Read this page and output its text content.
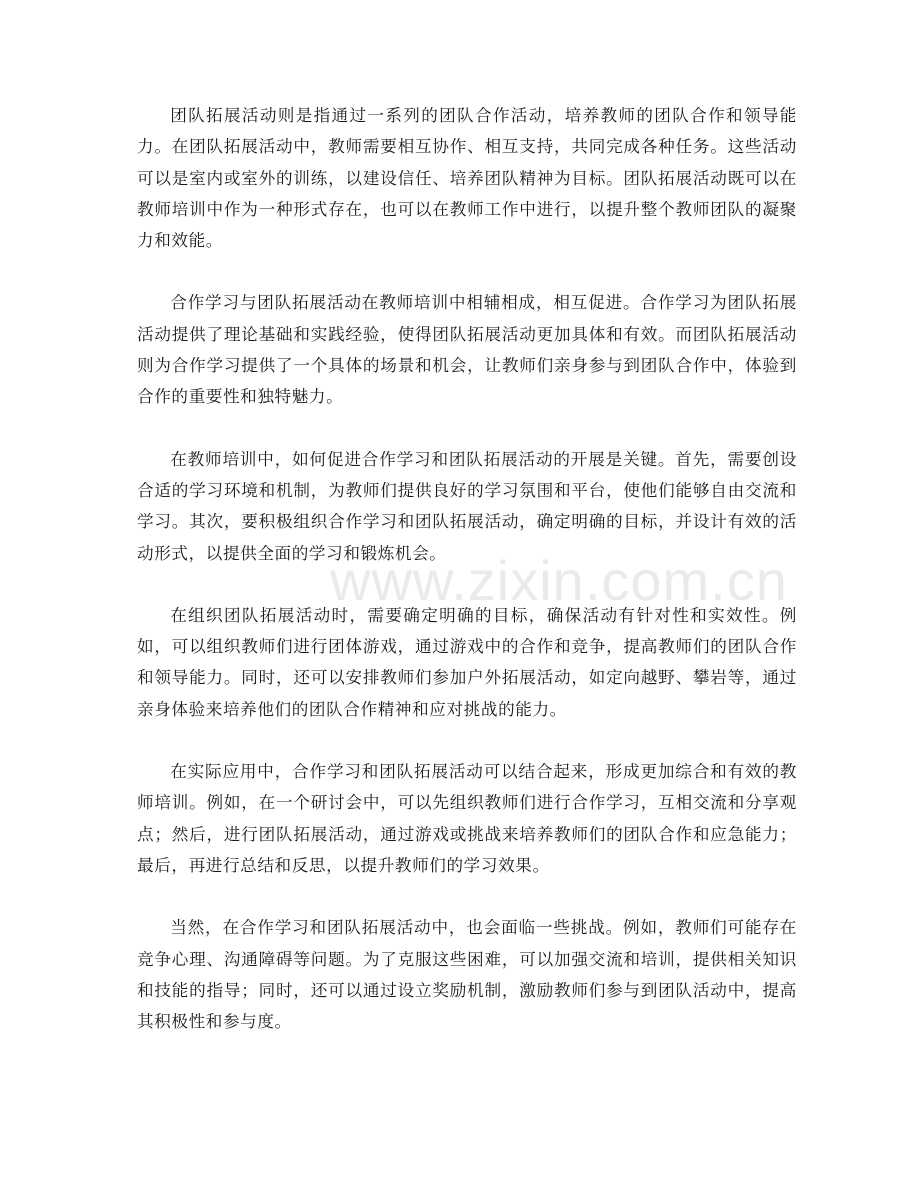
团队拓展活动则是指通过一系列的团队合作活动，培养教师的团队合作和领导能力。在团队拓展活动中，教师需要相互协作、相互支持，共同完成各种任务。这些活动可以是室内或室外的训练，以建设信任、培养团队精神为目标。团队拓展活动既可以在教师培训中作为一种形式存在，也可以在教师工作中进行，以提升整个教师团队的凝聚力和效能。

合作学习与团队拓展活动在教师培训中相辅相成，相互促进。合作学习为团队拓展活动提供了理论基础和实践经验，使得团队拓展活动更加具体和有效。而团队拓展活动则为合作学习提供了一个具体的场景和机会，让教师们亲身参与到团队合作中，体验到合作的重要性和独特魅力。

在教师培训中，如何促进合作学习和团队拓展活动的开展是关键。首先，需要创设合适的学习环境和机制，为教师们提供良好的学习氛围和平台，使他们能够自由交流和学习。其次，要积极组织合作学习和团队拓展活动，确定明确的目标，并设计有效的活动形式，以提供全面的学习和锻炼机会。

在组织团队拓展活动时，需要确定明确的目标，确保活动有针对性和实效性。例如，可以组织教师们进行团体游戏，通过游戏中的合作和竞争，提高教师们的团队合作和领导能力。同时，还可以安排教师们参加户外拓展活动，如定向越野、攀岩等，通过亲身体验来培养他们的团队合作精神和应对挑战的能力。

在实际应用中，合作学习和团队拓展活动可以结合起来，形成更加综合和有效的教师培训。例如，在一个研讨会中，可以先组织教师们进行合作学习，互相交流和分享观点；然后，进行团队拓展活动，通过游戏或挑战来培养教师们的团队合作和应急能力；最后，再进行总结和反思，以提升教师们的学习效果。

当然，在合作学习和团队拓展活动中，也会面临一些挑战。例如，教师们可能存在竞争心理、沟通障碍等问题。为了克服这些困难，可以加强交流和培训，提供相关知识和技能的指导；同时，还可以通过设立奖励机制，激励教师们参与到团队活动中，提高其积极性和参与度。

www.zixin.com.cn
